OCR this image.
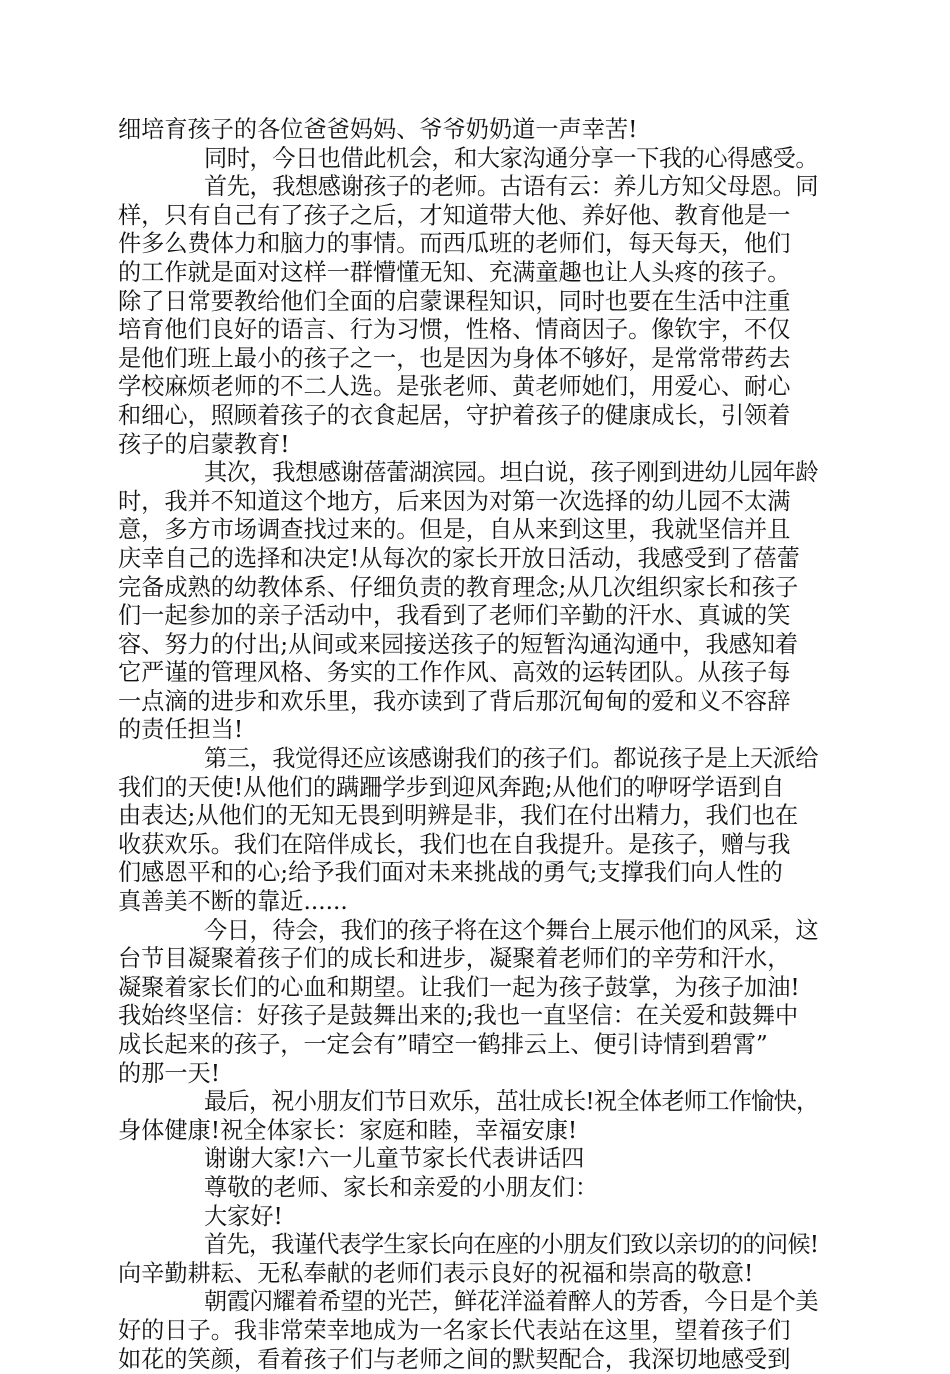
细培育孩子的各位爸爸妈妈、爷爷奶奶道一声幸苦!
同时，今日也借此机会，和大家沟通分享一下我的心得感受。
首先，我想感谢孩子的老师。古语有云：养儿方知父母恩。同
样，只有自己有了孩子之后，才知道带大他、养好他、教育他是一
件多么费体力和脑力的事情。而西瓜班的老师们，每天每天，他们
的工作就是面对这样一群懵懂无知、充满童趣也让人头疼的孩子。
除了日常要教给他们全面的启蒙课程知识，同时也要在生活中注重
培育他们良好的语言、行为习惯，性格、情商因子。像钦宇，不仅
是他们班上最小的孩子之一，也是因为身体不够好，是常常带药去
学校麻烦老师的不二人选。是张老师、黄老师她们，用爱心、耐心
和细心，照顾着孩子的衣食起居，守护着孩子的健康成长，引领着
孩子的启蒙教育!
其次，我想感谢蓓蕾湖滨园。坦白说，孩子刚到进幼儿园年龄
时，我并不知道这个地方，后来因为对第一次选择的幼儿园不太满
意，多方市场调查找过来的。但是，自从来到这里，我就坚信并且
庆幸自己的选择和决定!从每次的家长开放日活动，我感受到了蓓蕾
完备成熟的幼教体系、仔细负责的教育理念;从几次组织家长和孩子
们一起参加的亲子活动中，我看到了老师们辛勤的汗水、真诚的笑
容、努力的付出;从间或来园接送孩子的短暂沟通沟通中，我感知着
它严谨的管理风格、务实的工作作风、高效的运转团队。从孩子每
一点滴的进步和欢乐里，我亦读到了背后那沉甸甸的爱和义不容辞
的责任担当!
第三，我觉得还应该感谢我们的孩子们。都说孩子是上天派给
我们的天使!从他们的蹒跚学步到迎风奔跑;从他们的咿呀学语到自
由表达;从他们的无知无畏到明辨是非，我们在付出精力，我们也在
收获欢乐。我们在陪伴成长，我们也在自我提升。是孩子，赠与我
们感恩平和的心;给予我们面对未来挑战的勇气;支撑我们向人性的
真善美不断的靠近......
今日，待会，我们的孩子将在这个舞台上展示他们的风采，这
台节目凝聚着孩子们的成长和进步，凝聚着老师们的辛劳和汗水，
凝聚着家长们的心血和期望。让我们一起为孩子鼓掌，为孩子加油!
我始终坚信：好孩子是鼓舞出来的;我也一直坚信：在关爱和鼓舞中
成长起来的孩子，一定会有”晴空一鹤排云上、便引诗情到碧霄”
的那一天!
最后，祝小朋友们节日欢乐，茁壮成长!祝全体老师工作愉快，
身体健康!祝全体家长：家庭和睦，幸福安康!
谢谢大家!六一儿童节家长代表讲话四
尊敬的老师、家长和亲爱的小朋友们：
大家好!
首先，我谨代表学生家长向在座的小朋友们致以亲切的的问候!
向辛勤耕耘、无私奉献的老师们表示良好的祝福和崇高的敬意!
朝霞闪耀着希望的光芒，鲜花洋溢着醉人的芳香，今日是个美
好的日子。我非常荣幸地成为一名家长代表站在这里，望着孩子们
如花的笑颜，看着孩子们与老师之间的默契配合，我深切地感受到
